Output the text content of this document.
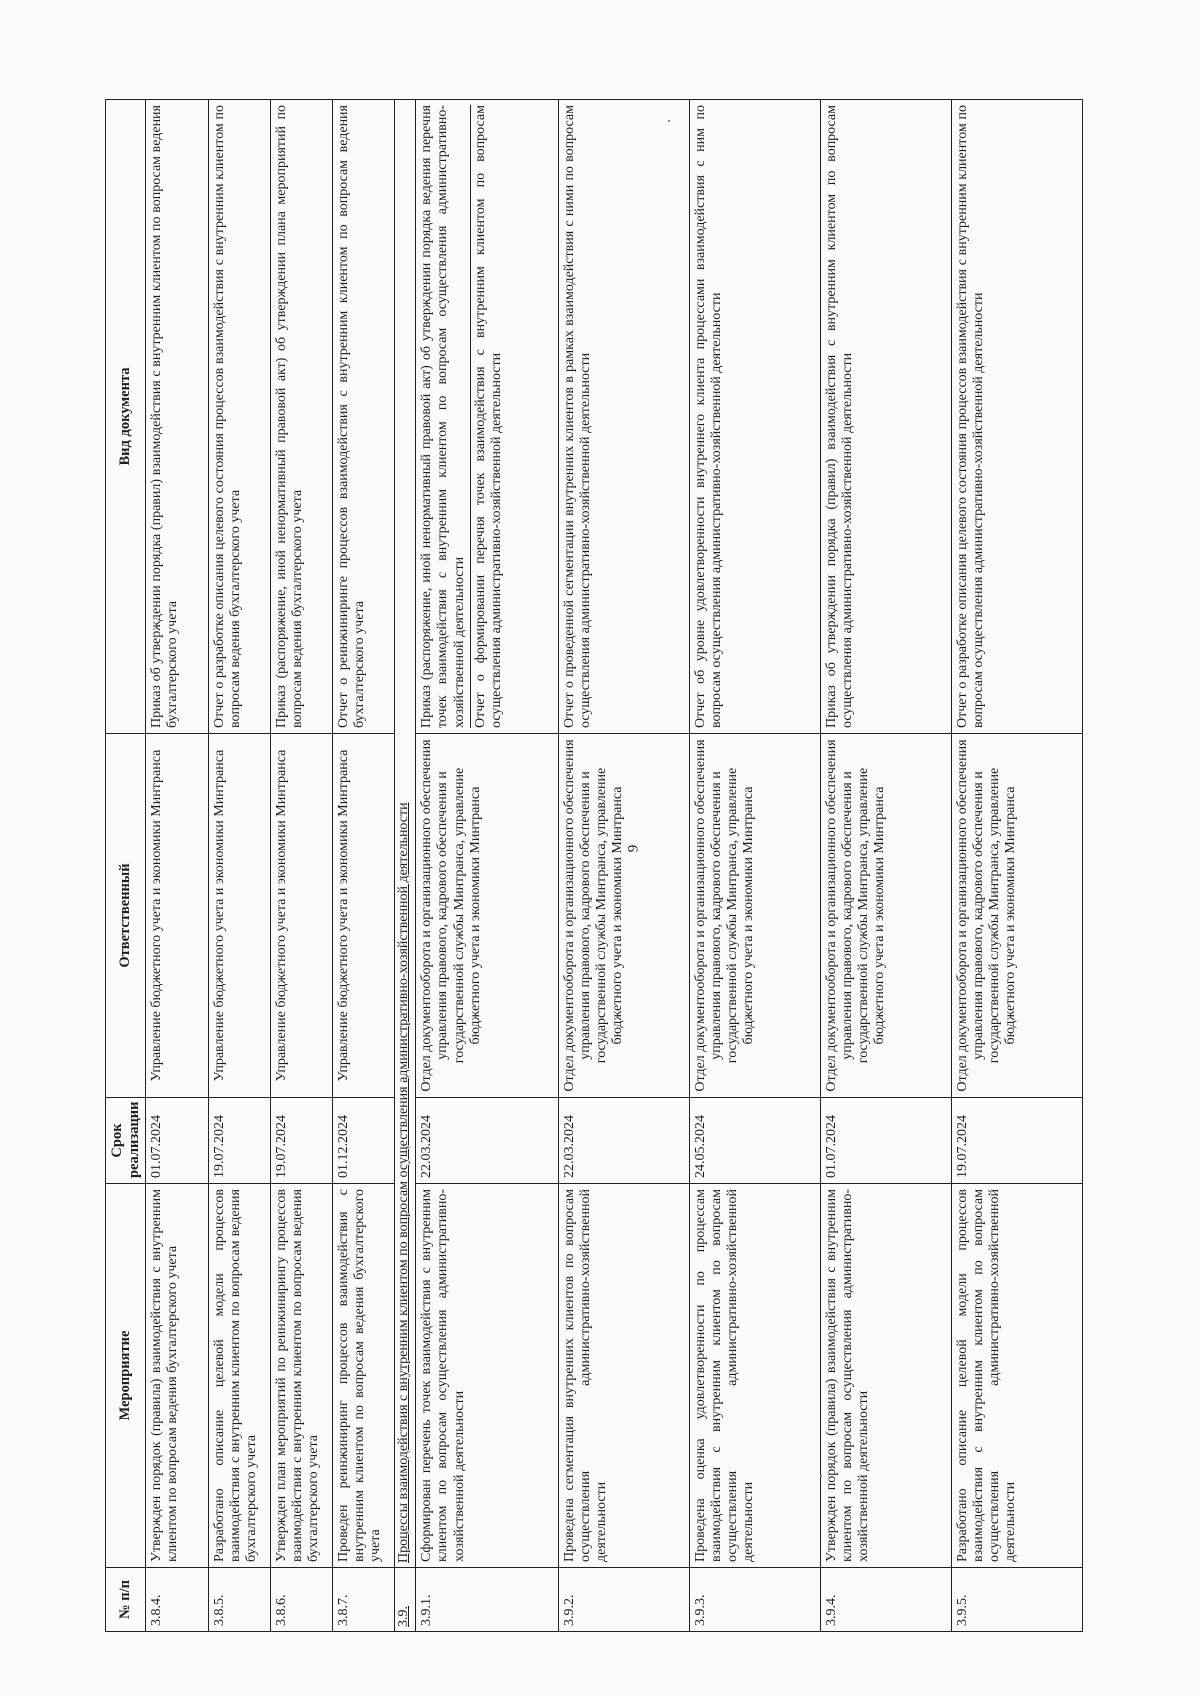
9
№ п/п	Мероприятие	Срок реализации	Ответственный	Вид документа
3.8.4.	Утвержден порядок (правила) взаимодействия с внутренним клиентом по вопросам ведения бухгалтерского учета	01.07.2024	Управление бюджетного учета и экономики Минтранса	Приказ об утверждении порядка (правил) взаимодействия с внутренним клиентом по вопросам ведения бухгалтерского учета
3.8.5.	Разработано описание целевой модели процессов взаимодействия с внутренним клиентом по вопросам ведения бухгалтерского учета	19.07.2024	Управление бюджетного учета и экономики Минтранса	Отчет о разработке описания целевого состояния процессов взаимодействия с внутренним клиентом по вопросам ведения бухгалтерского учета
3.8.6.	Утвержден план мероприятий по реинжинирингу процессов взаимодействия с внутренним клиентом по вопросам ведения бухгалтерского учета	19.07.2024	Управление бюджетного учета и экономики Минтранса	Приказ (распоряжение, иной ненормативный правовой акт) об утверждении плана мероприятий по вопросам ведения бухгалтерского учета
3.8.7.	Проведен реинжиниринг процессов взаимодействия с внутренним клиентом по вопросам ведения бухгалтерского учета	01.12.2024	Управление бюджетного учета и экономики Минтранса	Отчет о реинжиниринге процессов взаимодействия с внутренним клиентом по вопросам ведения бухгалтерского учета
3.9.	Процессы взаимодействия с внутренним клиентом по вопросам осуществления административно-хозяйственной деятельности			
3.9.1.	Сформирован перечень точек взаимодействия с внутренним клиентом по вопросам осуществления административно-хозяйственной деятельности	22.03.2024	Отдел документооборота и организационного обеспечения управления правового, кадрового обеспечения и государственной службы Минтранса, управление бюджетного учета и экономики Минтранса	Приказ (распоряжение, иной ненормативный правовой акт) об утверждении порядка ведения перечня точек взаимодействия с внутренним клиентом по вопросам осуществления административно-хозяйственной деятельности Отчет о формировании перечня точек взаимодействия с внутренним клиентом по вопросам осуществления административно-хозяйственной деятельности

3.9.2.	Проведена сегментация внутренних клиентов по вопросам осуществления административно-хозяйственной деятельности	22.03.2024	Отдел документооборота и организационного обеспечения управления правового, кадрового обеспечения и государственной службы Минтранса, управление бюджетного учета и экономики Минтранса	Отчет о проведенной сегментации внутренних клиентов в рамках взаимодействия с ними по вопросам осуществления административно-хозяйственной деятельности
3.9.3.	Проведена оценка удовлетворенности по процессам взаимодействия с внутренним клиентом по вопросам осуществления административно-хозяйственной деятельности	24.05.2024	Отдел документооборота и организационного обеспечения управления правового, кадрового обеспечения и государственной службы Минтранса, управление бюджетного учета и экономики Минтранса	Отчет об уровне удовлетворенности внутреннего клиента процессами взаимодействия с ним по вопросам осуществления административно-хозяйственной деятельности
3.9.4.	Утвержден порядок (правила) взаимодействия с внутренним клиентом по вопросам осуществления административно-хозяйственной деятельности	01.07.2024	Отдел документооборота и организационного обеспечения управления правового, кадрового обеспечения и государственной службы Минтранса, управление бюджетного учета и экономики Минтранса	Приказ об утверждении порядка (правил) взаимодействия с внутренним клиентом по вопросам осуществления административно-хозяйственной деятельности
3.9.5.	Разработано описание целевой модели процессов взаимодействия с внутренним клиентом по вопросам осуществления административно-хозяйственной деятельности	19.07.2024	Отдел документооборота и организационного обеспечения управления правового, кадрового обеспечения и государственной службы Минтранса, управление бюджетного учета и экономики Минтранса	Отчет о разработке описания целевого состояния процессов взаимодействия с внутренним клиентом по вопросам осуществления административно-хозяйственной деятельности
